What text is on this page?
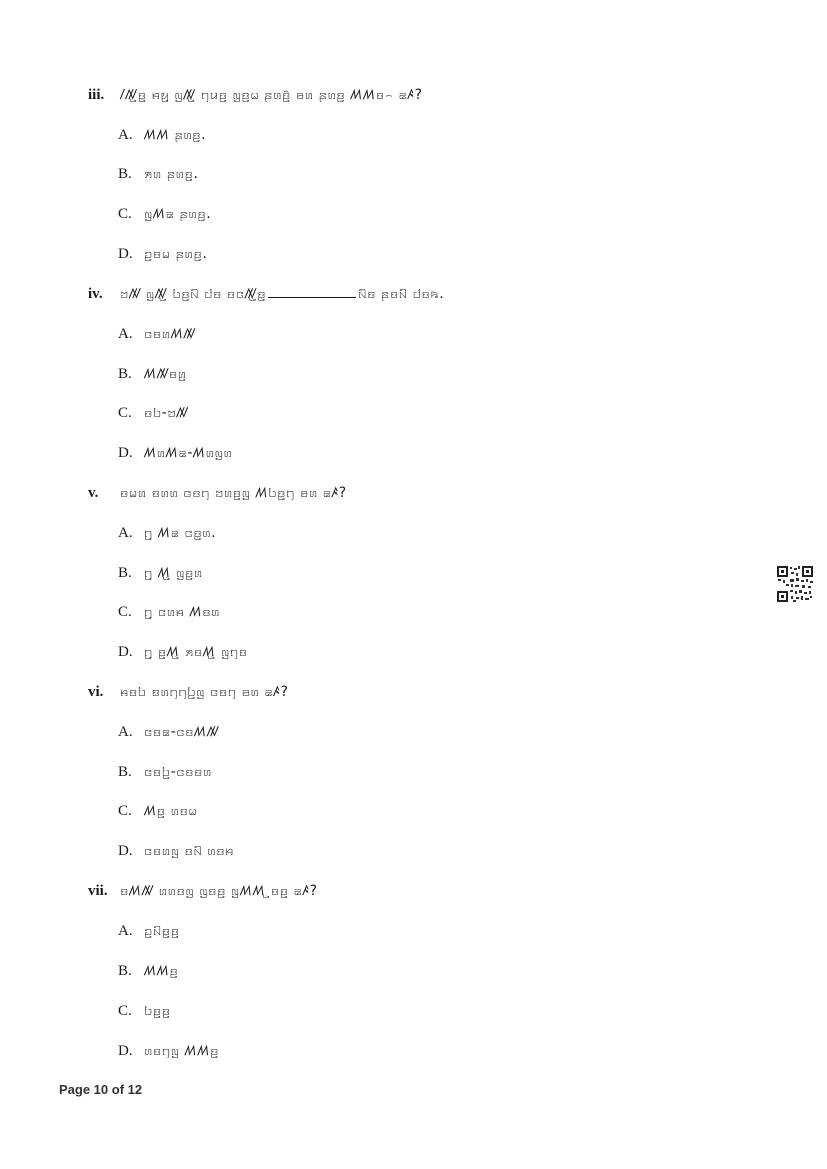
iii. ꤷꤲ꤬ꤢ꤭ ꤌꤟ꤬ ꤜꤲ꤭ ꤚꤣꤢ꤬ ꤜ꤫ꤢ꤬ꤗ ꤔꤛꤢ꤬ꤨ ꤋꤛ ꤔꤛꤢ꤬ ꤵꤵꤢ꤮ ꤘꤴ?
A. ꤵꤵ ꤔꤛꤢ꤬.
B. ꤎꤛ ꤔꤛꤢ꤬.
C. ꤜꤵꤘ ꤔꤛꤢ꤬.
D. ꤑꤢꤗ ꤔꤛꤢ꤬.
iv. ꤠꤲ ꤜꤲ꤭ ꤝꤢ꤬ꤡ ꤓꤢ ꤢꤍꤲ꤭ꤢ꤭	ꤡꤢ ꤔꤢꤡ ꤓꤢꤒ.
A. ꤍꤢꤛꤵꤲ
B. ꤵꤲꤢꤛ꤬
C. ꤢꤝ-ꤠꤲ
D. ꤵꤛꤵꤘ-ꤵꤛꤜꤛ
v. ꤢꤗꤛ ꤢꤛꤛ ꤍꤢꤚ ꤠꤛꤢ꤬ꤜ ꤵꤝꤢ꤭ꤚ ꤋꤛ ꤘꤴ?
A. ꤚ꤬ ꤵꤘ ꤍꤢ꤭ꤛ.
B. ꤚ꤬ ꤵ꤭꤬ ꤜꤢ꤭ꤛ
C. ꤚ꤬ ꤍꤛꤌ ꤵꤢꤛ
D. ꤚ꤬ ꤢ꤭ꤵ꤭ ꤎꤢꤵ꤭ ꤜꤚꤢ
vi. ꤌꤢꤝ ꤢꤛꤚꤚꤝ꤬ꤜ ꤍꤢꤚ ꤋꤛ ꤘꤴ?
A. ꤍꤢꤘ-ꤍꤢꤵꤲ
B. ꤍꤢꤝ꤬-ꤍꤢꤢꤛ
C. ꤵꤢ꤭ ꤛꤢꤗ
D. ꤍꤢꤛꤜ ꤢꤡ ꤛꤢꤌ
vii. ꤢꤵꤲ ꤛꤛꤢꤜ ꤜꤢꤢ꤬ ꤜꤵꤵ ꤭ꤢꤢ꤬ ꤘꤴ?
A. ꤑꤡꤢ꤭ꤢ꤬
B. ꤵꤵꤢ꤬
C. ꤝꤢ꤭ꤢ꤬
D. ꤛꤢꤚꤜ ꤵꤵꤢ꤬
Page 10 of 12
